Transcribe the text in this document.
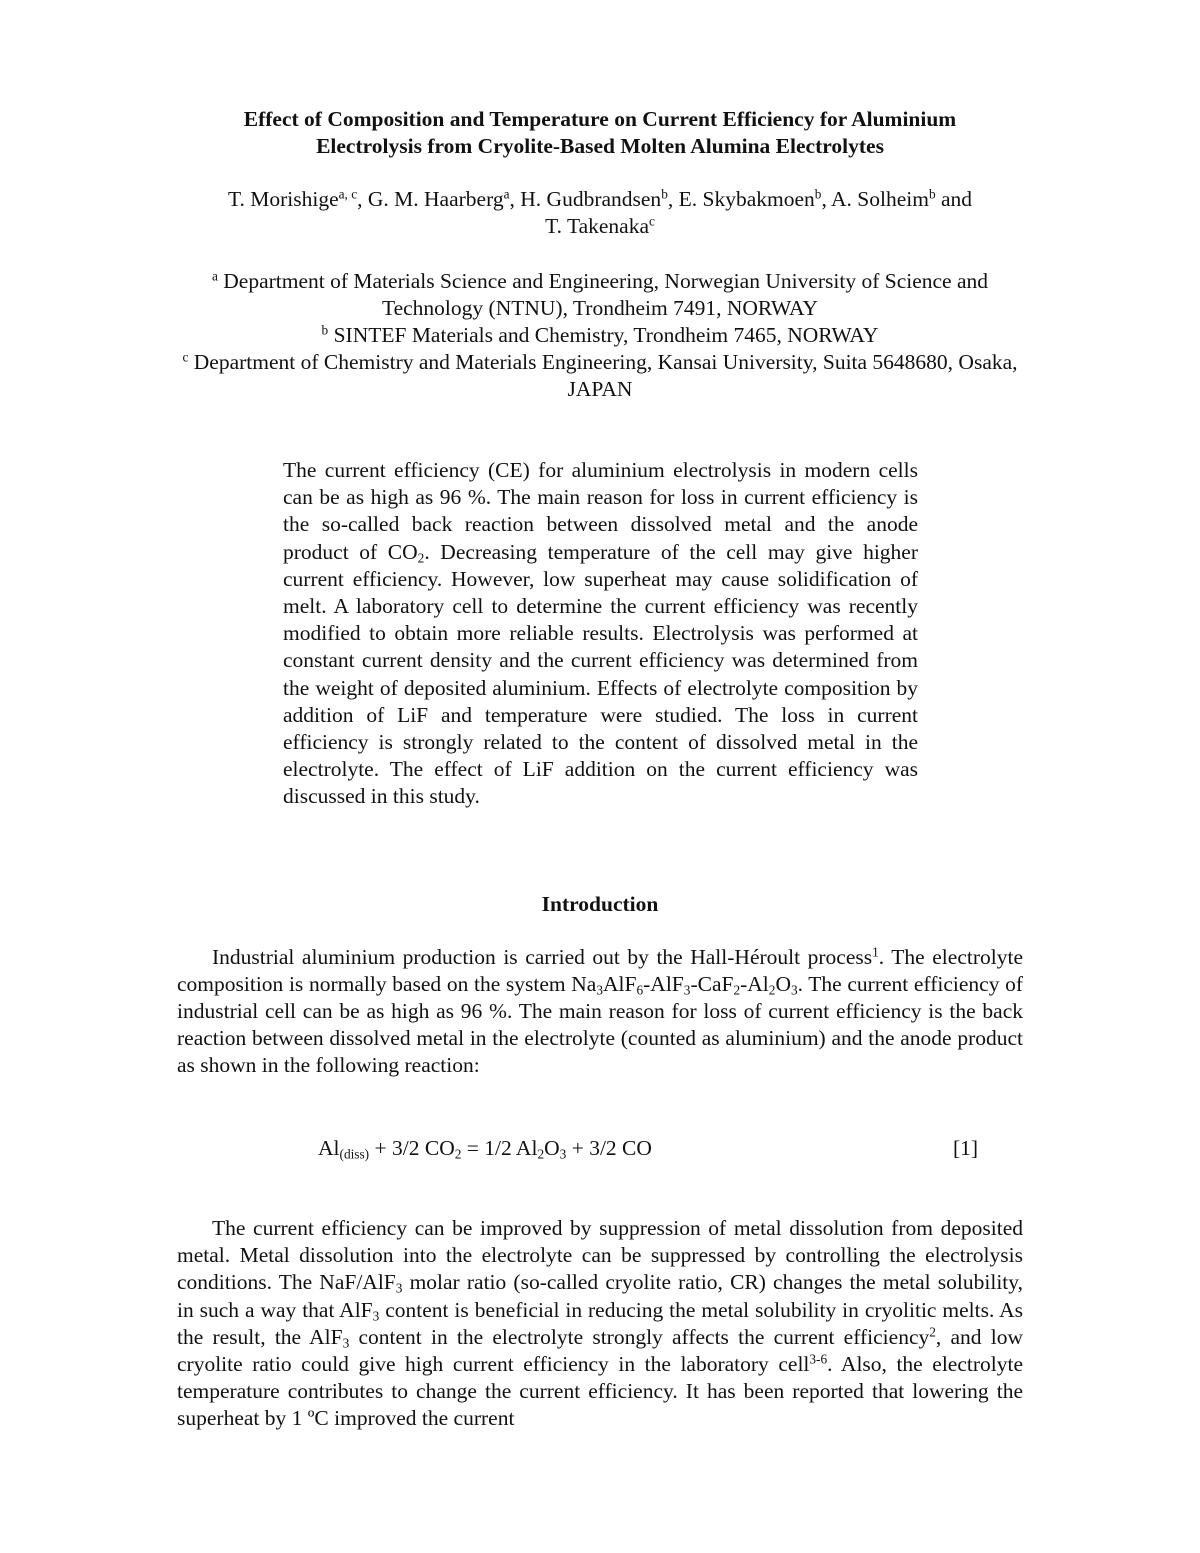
Effect of Composition and Temperature on Current Efficiency for Aluminium
Electrolysis from Cryolite-Based Molten Alumina Electrolytes
T. Morishige$^{a, c}$, G. M. Haarberg$^a$, H. Gudbrandsen$^b$, E. Skybakmoen$^b$, A. Solheim$^b$ and
T. Takenaka$^c$
$^a$ Department of Materials Science and Engineering, Norwegian University of Science and Technology (NTNU), Trondheim 7491, NORWAY
$^b$ SINTEF Materials and Chemistry, Trondheim 7465, NORWAY
$^c$ Department of Chemistry and Materials Engineering, Kansai University, Suita 5648680, Osaka, JAPAN
The current efficiency (CE) for aluminium electrolysis in modern cells can be as high as 96 %. The main reason for loss in current efficiency is the so-called back reaction between dissolved metal and the anode product of $CO_2$. Decreasing temperature of the cell may give higher current efficiency. However, low superheat may cause solidification of melt. A laboratory cell to determine the current efficiency was recently modified to obtain more reliable results. Electrolysis was performed at constant current density and the current efficiency was determined from the weight of deposited aluminium. Effects of electrolyte composition by addition of LiF and temperature were studied. The loss in current efficiency is strongly related to the content of dissolved metal in the electrolyte. The effect of LiF addition on the current efficiency was discussed in this study.
Introduction
Industrial aluminium production is carried out by the Hall-Héroult process$^1$. The electrolyte composition is normally based on the system $Na_3AlF_6-AlF_3-CaF_2-Al_2O_3$. The current efficiency of industrial cell can be as high as 96 %. The main reason for loss of current efficiency is the back reaction between dissolved metal in the electrolyte (counted as aluminium) and the anode product as shown in the following reaction:
$Al_{(diss)} + 3/2$ $CO_2 = 1/2$ $Al_2O_3 + 3/2$ CO	[1]
The current efficiency can be improved by suppression of metal dissolution from deposited metal. Metal dissolution into the electrolyte can be suppressed by controlling the electrolysis conditions. The NaF/AlF$_3$ molar ratio (so-called cryolite ratio, CR) changes the metal solubility, in such a way that AlF$_3$ content is beneficial in reducing the metal solubility in cryolitic melts. As the result, the AlF$_3$ content in the electrolyte strongly affects the current efficiency$^2$, and low cryolite ratio could give high current efficiency in the laboratory cell$^{3-6}$. Also, the electrolyte temperature contributes to change the current efficiency. It has been reported that lowering the superheat by 1 ºC improved the current
